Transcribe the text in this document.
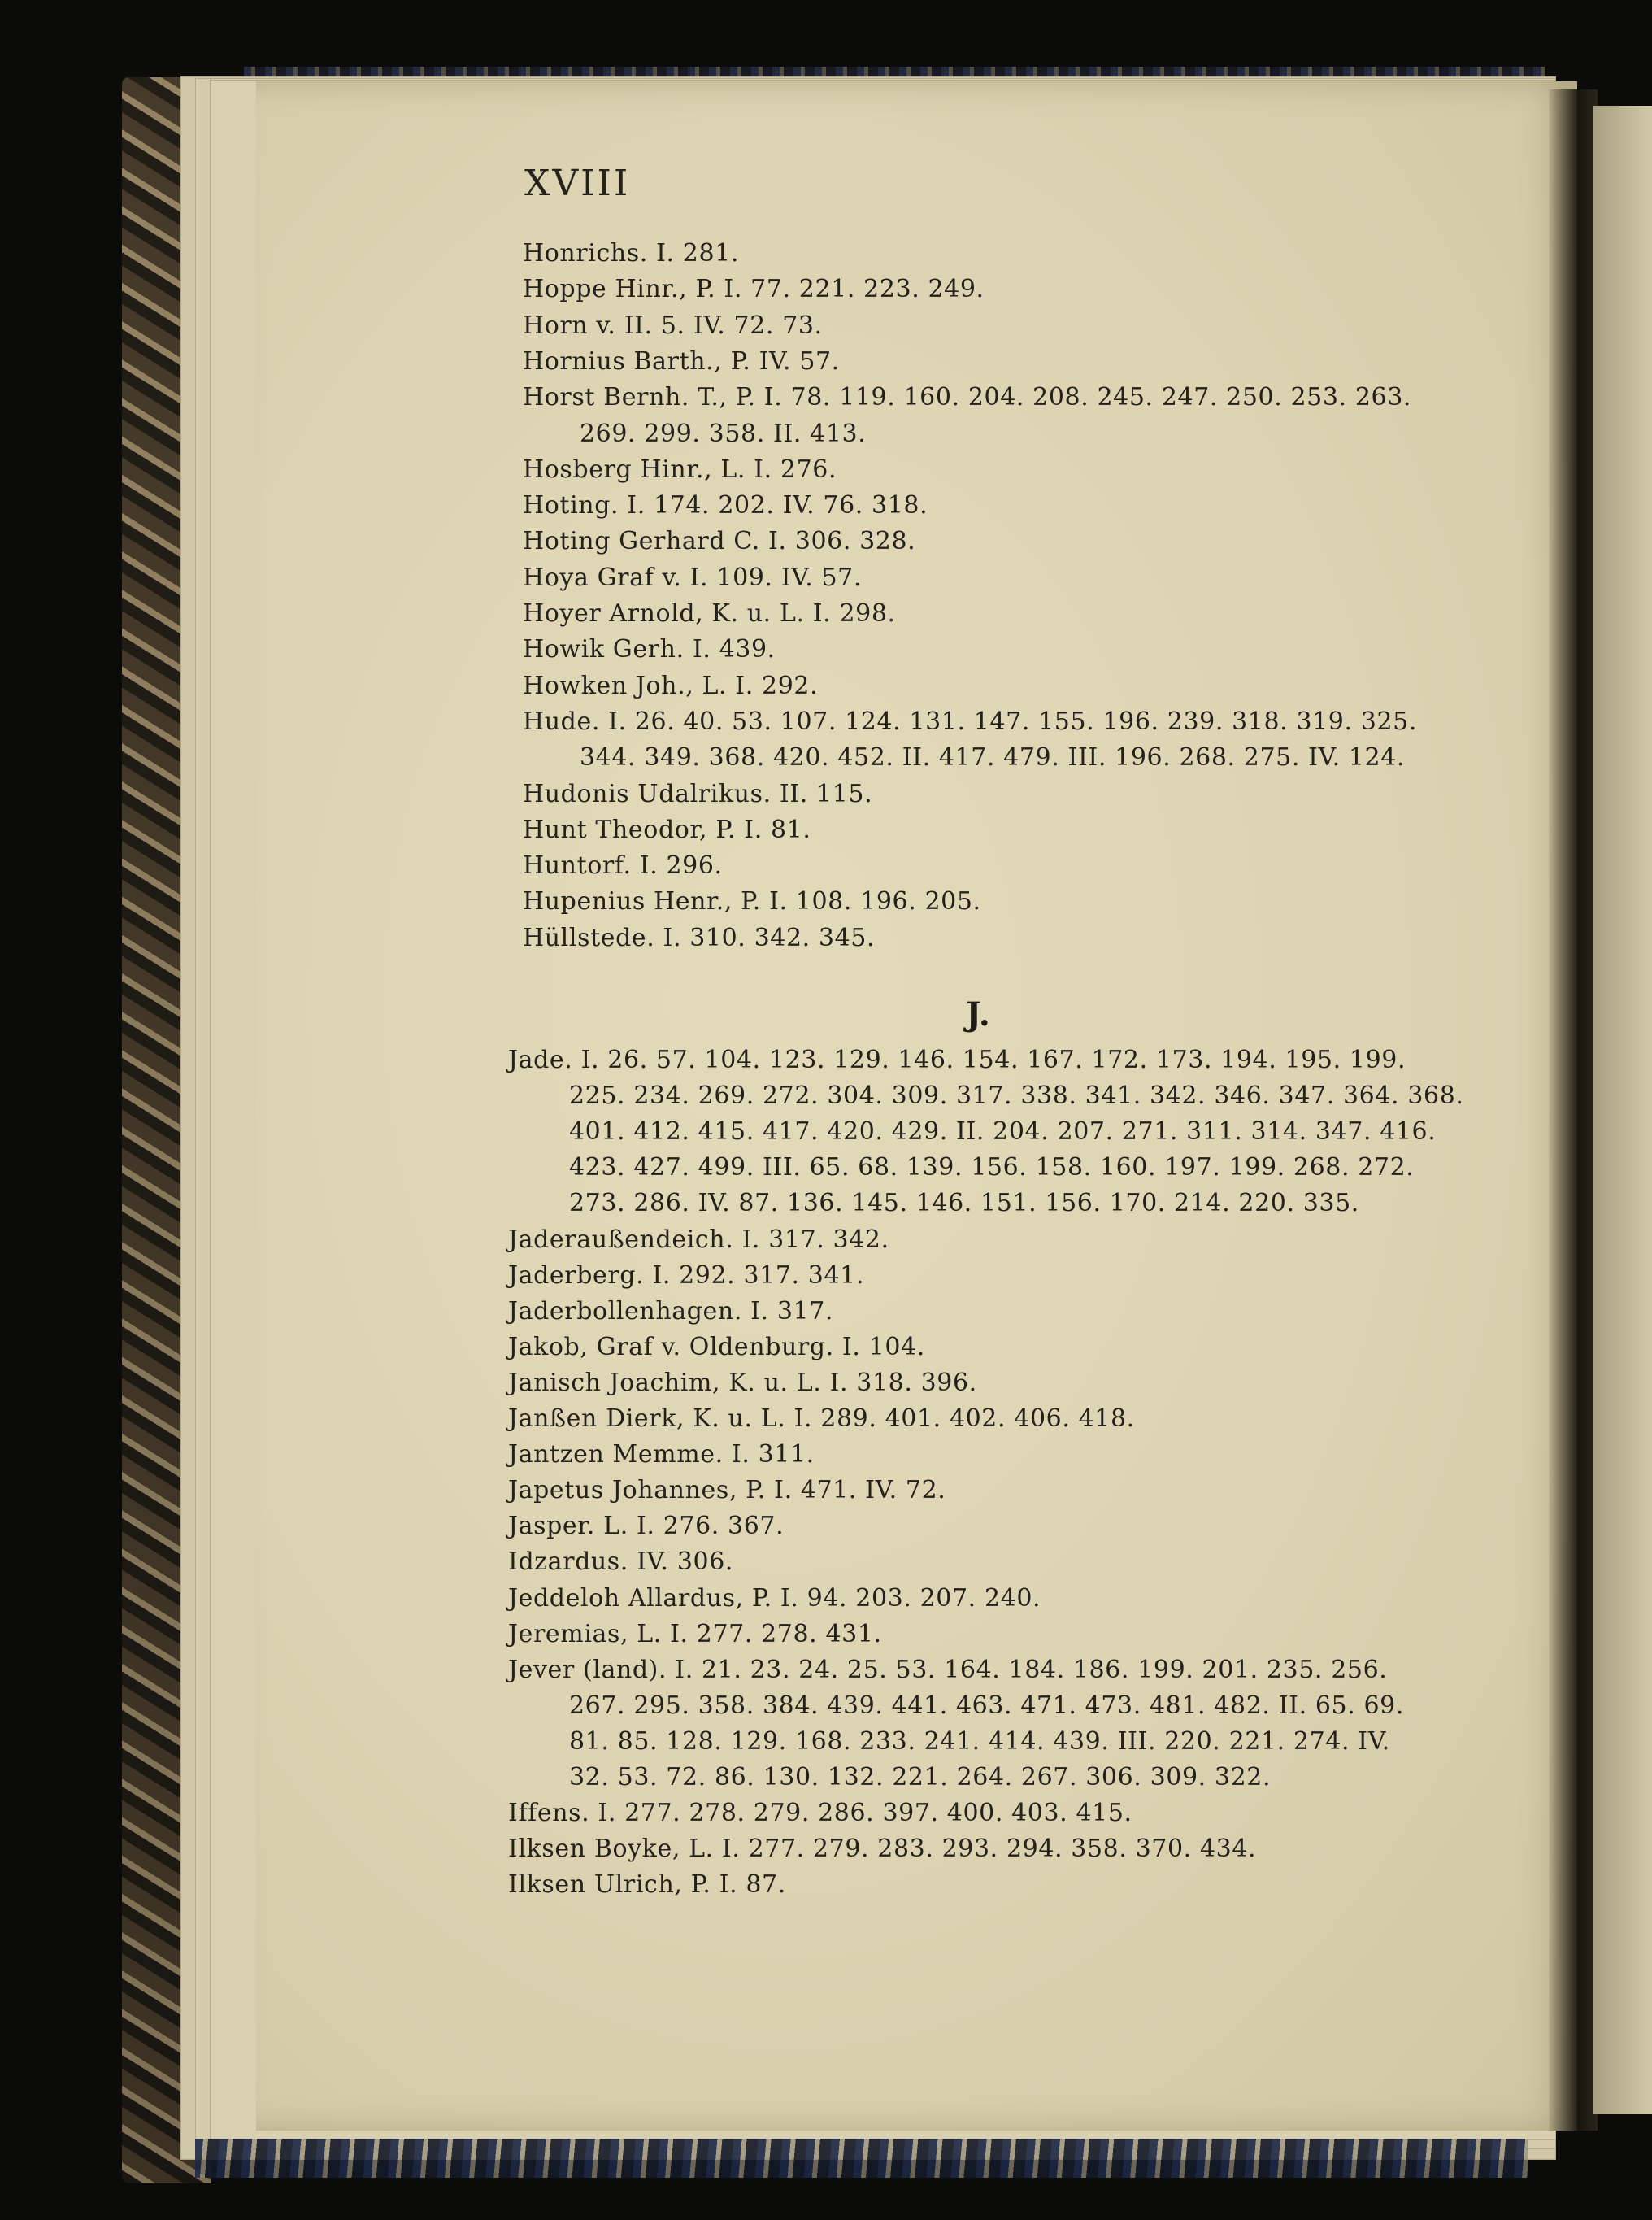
XVIII
Honrichs. I. 281.
Hoppe Hinr., P. I. 77. 221. 223. 249.
Horn v. II. 5. IV. 72. 73.
Hornius Barth., P. IV. 57.
Horst Bernh. T., P. I. 78. 119. 160. 204. 208. 245. 247. 250. 253. 263.
269. 299. 358. II. 413.
Hosberg Hinr., L. I. 276.
Hoting. I. 174. 202. IV. 76. 318.
Hoting Gerhard C. I. 306. 328.
Hoya Graf v. I. 109. IV. 57.
Hoyer Arnold, K. u. L. I. 298.
Howik Gerh. I. 439.
Howken Joh., L. I. 292.
Hude. I. 26. 40. 53. 107. 124. 131. 147. 155. 196. 239. 318. 319. 325.
344. 349. 368. 420. 452. II. 417. 479. III. 196. 268. 275. IV. 124.
Hudonis Udalrikus. II. 115.
Hunt Theodor, P. I. 81.
Huntorf. I. 296.
Hupenius Henr., P. I. 108. 196. 205.
Hüllstede. I. 310. 342. 345.
J.
Jade. I. 26. 57. 104. 123. 129. 146. 154. 167. 172. 173. 194. 195. 199.
225. 234. 269. 272. 304. 309. 317. 338. 341. 342. 346. 347. 364. 368.
401. 412. 415. 417. 420. 429. II. 204. 207. 271. 311. 314. 347. 416.
423. 427. 499. III. 65. 68. 139. 156. 158. 160. 197. 199. 268. 272.
273. 286. IV. 87. 136. 145. 146. 151. 156. 170. 214. 220. 335.
Jaderaußendeich. I. 317. 342.
Jaderberg. I. 292. 317. 341.
Jaderbollenhagen. I. 317.
Jakob, Graf v. Oldenburg. I. 104.
Janisch Joachim, K. u. L. I. 318. 396.
Janßen Dierk, K. u. L. I. 289. 401. 402. 406. 418.
Jantzen Memme. I. 311.
Japetus Johannes, P. I. 471. IV. 72.
Jasper. L. I. 276. 367.
Idzardus. IV. 306.
Jeddeloh Allardus, P. I. 94. 203. 207. 240.
Jeremias, L. I. 277. 278. 431.
Jever (land). I. 21. 23. 24. 25. 53. 164. 184. 186. 199. 201. 235. 256.
267. 295. 358. 384. 439. 441. 463. 471. 473. 481. 482. II. 65. 69.
81. 85. 128. 129. 168. 233. 241. 414. 439. III. 220. 221. 274. IV.
32. 53. 72. 86. 130. 132. 221. 264. 267. 306. 309. 322.
Iffens. I. 277. 278. 279. 286. 397. 400. 403. 415.
Ilksen Boyke, L. I. 277. 279. 283. 293. 294. 358. 370. 434.
Ilksen Ulrich, P. I. 87.
